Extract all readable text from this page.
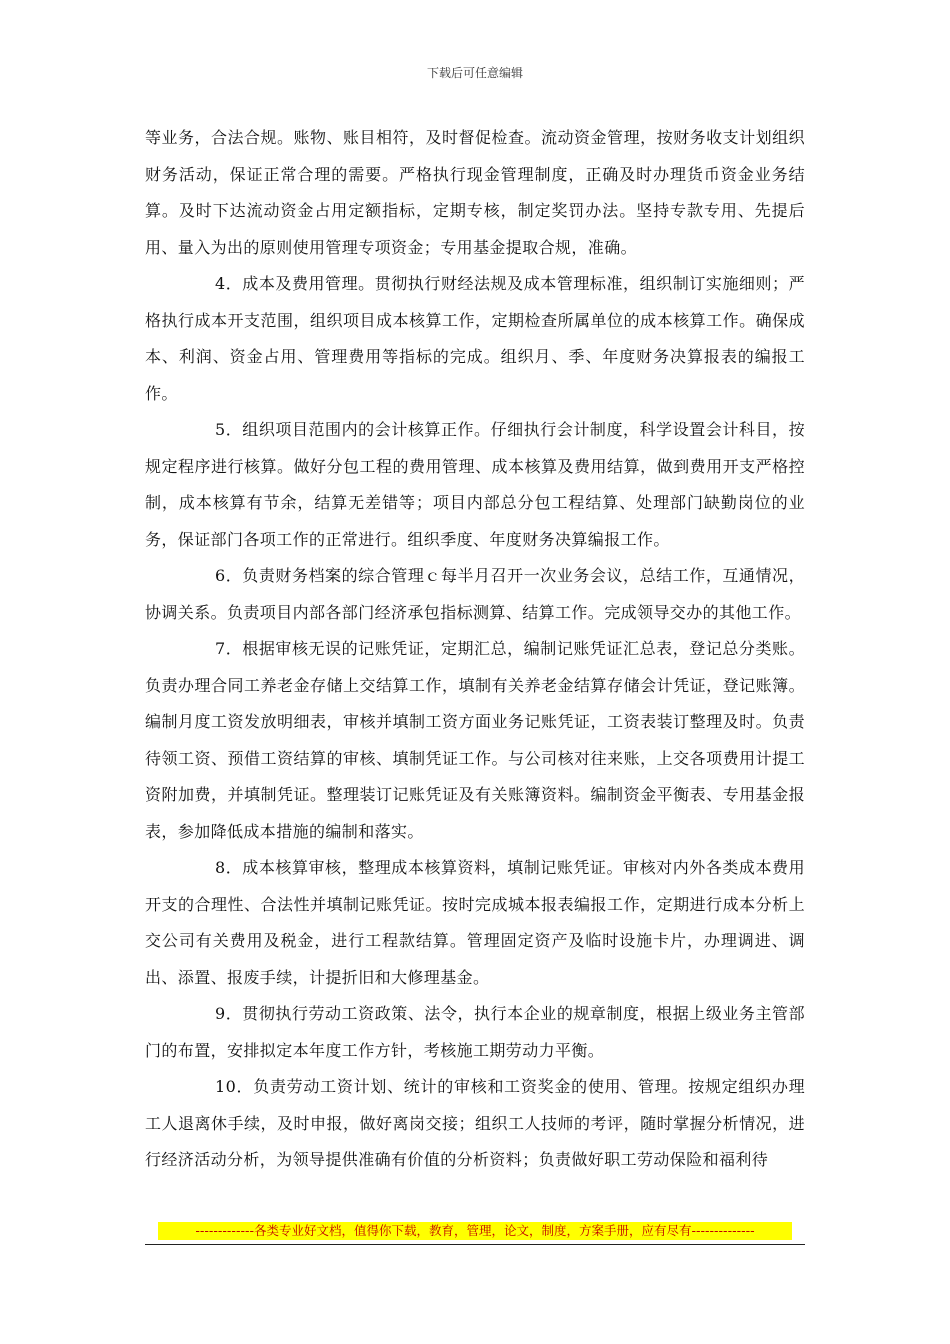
下载后可任意编辑

等业务，合法合规。账物、账目相符，及时督促检查。流动资金管理，按财务收支计划组织财务活动，保证正常合理的需要。严格执行现金管理制度，正确及时办理货币资金业务结算。及时下达流动资金占用定额指标，定期专核，制定奖罚办法。坚持专款专用、先提后用、量入为出的原则使用管理专项资金；专用基金提取合规，准确。

4．成本及费用管理。贯彻执行财经法规及成本管理标准，组织制订实施细则；严格执行成本开支范围，组织项目成本核算工作，定期检查所属单位的成本核算工作。确保成本、利润、资金占用、管理费用等指标的完成。组织月、季、年度财务决算报表的编报工作。

5．组织项目范围内的会计核算正作。仔细执行会计制度，科学设置会计科目，按规定程序进行核算。做好分包工程的费用管理、成本核算及费用结算，做到费用开支严格控制，成本核算有节余，结算无差错等；项目内部总分包工程结算、处理部门缺勤岗位的业务，保证部门各项工作的正常进行。组织季度、年度财务决算编报工作。

6．负责财务档案的综合管理ｃ每半月召开一次业务会议，总结工作，互通情况，协调关系。负责项目内部各部门经济承包指标测算、结算工作。完成领导交办的其他工作。

7．根据审核无误的记账凭证，定期汇总，编制记账凭证汇总表，登记总分类账。负责办理合同工养老金存储上交结算工作，填制有关养老金结算存储会计凭证，登记账簿。编制月度工资发放明细表，审核并填制工资方面业务记账凭证，工资表装订整理及时。负责待领工资、预借工资结算的审核、填制凭证工作。与公司核对往来账，上交各项费用计提工资附加费，并填制凭证。整理装订记账凭证及有关账簿资料。编制资金平衡表、专用基金报表，参加降低成本措施的编制和落实。

8．成本核算审核，整理成本核算资料，填制记账凭证。审核对内外各类成本费用开支的合理性、合法性并填制记账凭证。按时完成城本报表编报工作，定期进行成本分析上交公司有关费用及税金，进行工程款结算。管理固定资产及临时设施卡片，办理调进、调出、添置、报废手续，计提折旧和大修理基金。

9．贯彻执行劳动工资政策、法令，执行本企业的规章制度，根据上级业务主管部门的布置，安排拟定本年度工作方针，考核施工期劳动力平衡。

10．负责劳动工资计划、统计的审核和工资奖金的使用、管理。按规定组织办理工人退离休手续，及时申报，做好离岗交接；组织工人技师的考评，随时掌握分析情况，进行经济活动分析，为领导提供准确有价值的分析资料；负责做好职工劳动保险和福利待

-------------各类专业好文档，值得你下载，教育，管理，论文，制度，方案手册，应有尽有--------------
